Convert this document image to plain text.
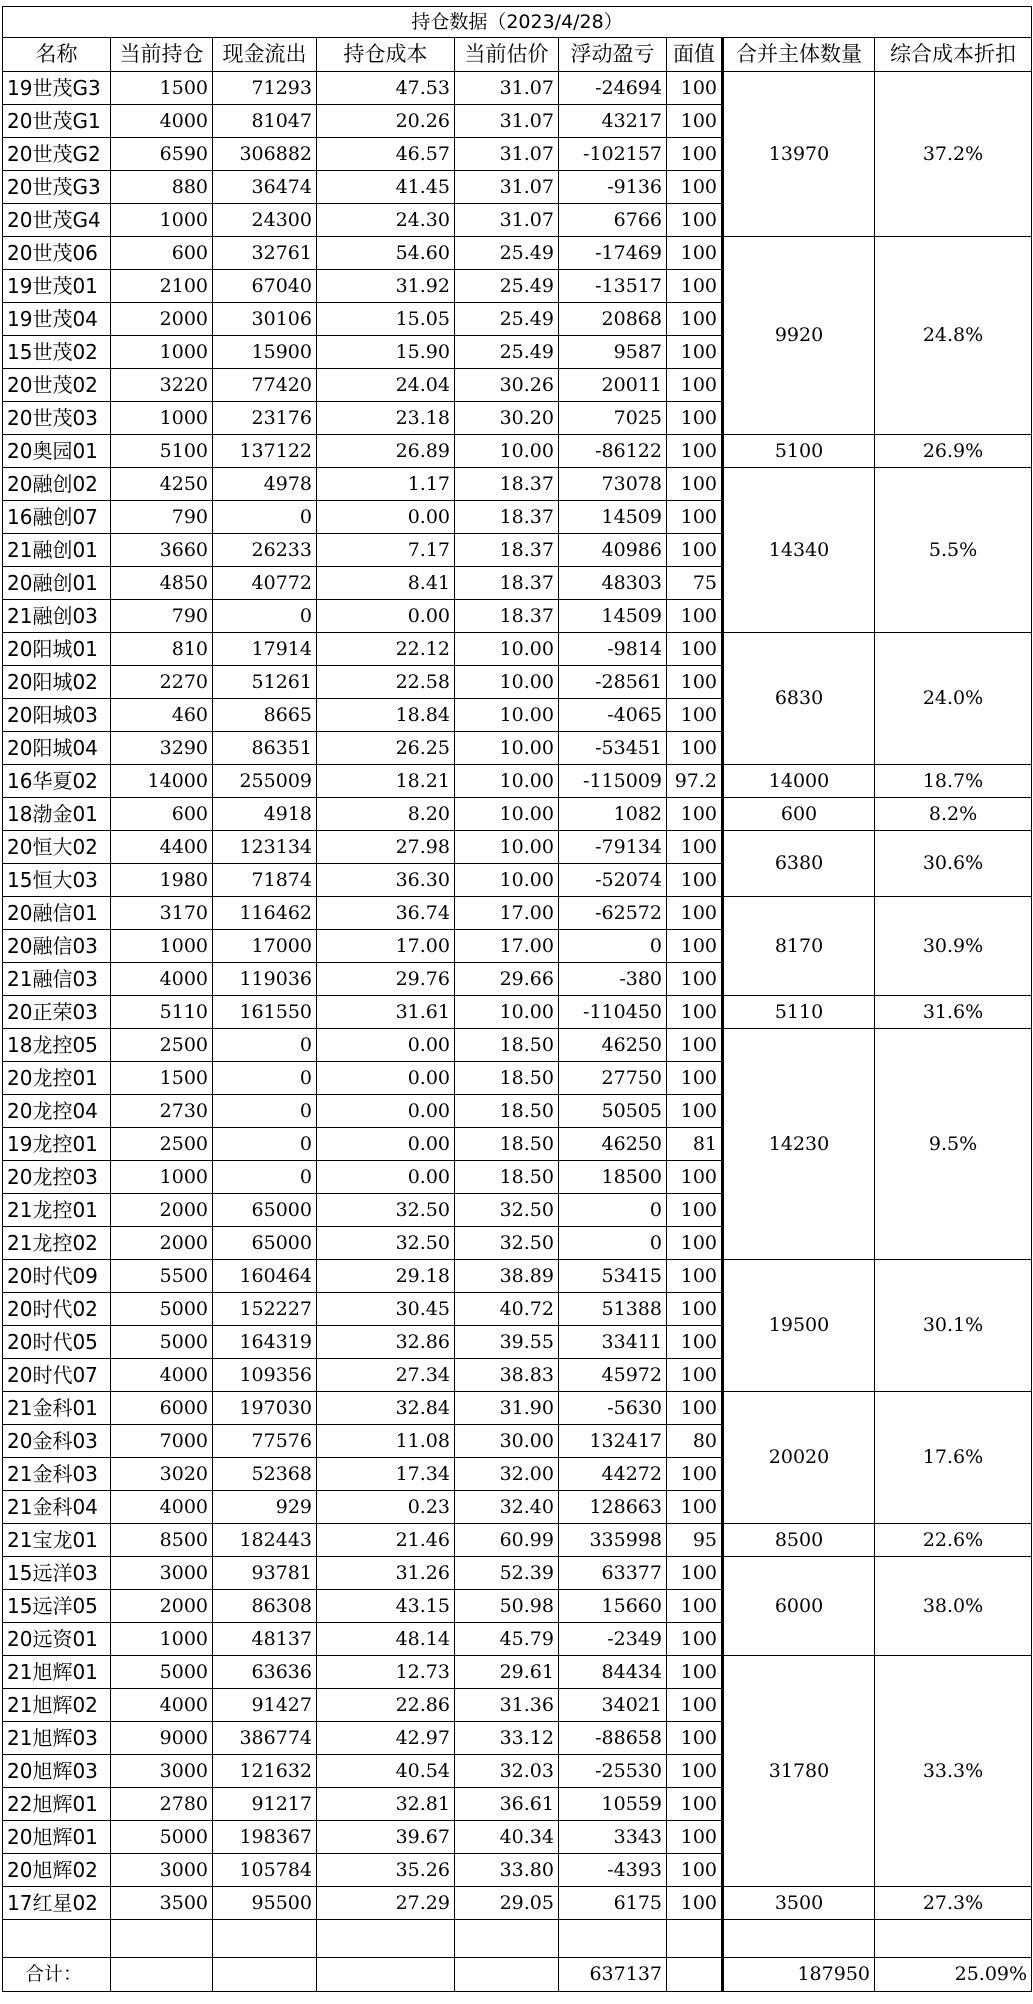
持仓数据（2023/4/28）								
名称	当前持仓	现金流出	持仓成本	当前估价	浮动盈亏	面值	合并主体数量	综合成本折扣
19世茂G3	1500	71293	47.53	31.07	-24694	100	13970	37.2%
20世茂G1	4000	81047	20.26	31.07	43217	100		
20世茂G2	6590	306882	46.57	31.07	-102157	100		
20世茂G3	880	36474	41.45	31.07	-9136	100		
20世茂G4	1000	24300	24.30	31.07	6766	100		
20世茂06	600	32761	54.60	25.49	-17469	100	9920	24.8%
19世茂01	2100	67040	31.92	25.49	-13517	100		
19世茂04	2000	30106	15.05	25.49	20868	100		
15世茂02	1000	15900	15.90	25.49	9587	100		
20世茂02	3220	77420	24.04	30.26	20011	100		
20世茂03	1000	23176	23.18	30.20	7025	100		
20奥园01	5100	137122	26.89	10.00	-86122	100	5100	26.9%
20融创02	4250	4978	1.17	18.37	73078	100	14340	5.5%
16融创07	790	0	0.00	18.37	14509	100		
21融创01	3660	26233	7.17	18.37	40986	100		
20融创01	4850	40772	8.41	18.37	48303	75		
21融创03	790	0	0.00	18.37	14509	100		
20阳城01	810	17914	22.12	10.00	-9814	100	6830	24.0%
20阳城02	2270	51261	22.58	10.00	-28561	100		
20阳城03	460	8665	18.84	10.00	-4065	100		
20阳城04	3290	86351	26.25	10.00	-53451	100		
16华夏02	14000	255009	18.21	10.00	-115009	97.2	14000	18.7%
18渤金01	600	4918	8.20	10.00	1082	100	600	8.2%
20恒大02	4400	123134	27.98	10.00	-79134	100	6380	30.6%
15恒大03	1980	71874	36.30	10.00	-52074	100		
20融信01	3170	116462	36.74	17.00	-62572	100	8170	30.9%
20融信03	1000	17000	17.00	17.00	0	100		
21融信03	4000	119036	29.76	29.66	-380	100		
20正荣03	5110	161550	31.61	10.00	-110450	100	5110	31.6%
18龙控05	2500	0	0.00	18.50	46250	100	14230	9.5%
20龙控01	1500	0	0.00	18.50	27750	100		
20龙控04	2730	0	0.00	18.50	50505	100		
19龙控01	2500	0	0.00	18.50	46250	81		
20龙控03	1000	0	0.00	18.50	18500	100		
21龙控01	2000	65000	32.50	32.50	0	100		
21龙控02	2000	65000	32.50	32.50	0	100		
20时代09	5500	160464	29.18	38.89	53415	100	19500	30.1%
20时代02	5000	152227	30.45	40.72	51388	100		
20时代05	5000	164319	32.86	39.55	33411	100		
20时代07	4000	109356	27.34	38.83	45972	100		
21金科01	6000	197030	32.84	31.90	-5630	100	20020	17.6%
20金科03	7000	77576	11.08	30.00	132417	80		
21金科03	3020	52368	17.34	32.00	44272	100		
21金科04	4000	929	0.23	32.40	128663	100		
21宝龙01	8500	182443	21.46	60.99	335998	95	8500	22.6%
15远洋03	3000	93781	31.26	52.39	63377	100	6000	38.0%
15远洋05	2000	86308	43.15	50.98	15660	100		
20远资01	1000	48137	48.14	45.79	-2349	100		
21旭辉01	5000	63636	12.73	29.61	84434	100	31780	33.3%
21旭辉02	4000	91427	22.86	31.36	34021	100		
21旭辉03	9000	386774	42.97	33.12	-88658	100		
20旭辉03	3000	121632	40.54	32.03	-25530	100		
22旭辉01	2780	91217	32.81	36.61	10559	100		
20旭辉01	5000	198367	39.67	40.34	3343	100		
20旭辉02	3000	105784	35.26	33.80	-4393	100		
17红星02	3500	95500	27.29	29.05	6175	100	3500	27.3%

合计：					637137		187950	25.09%
